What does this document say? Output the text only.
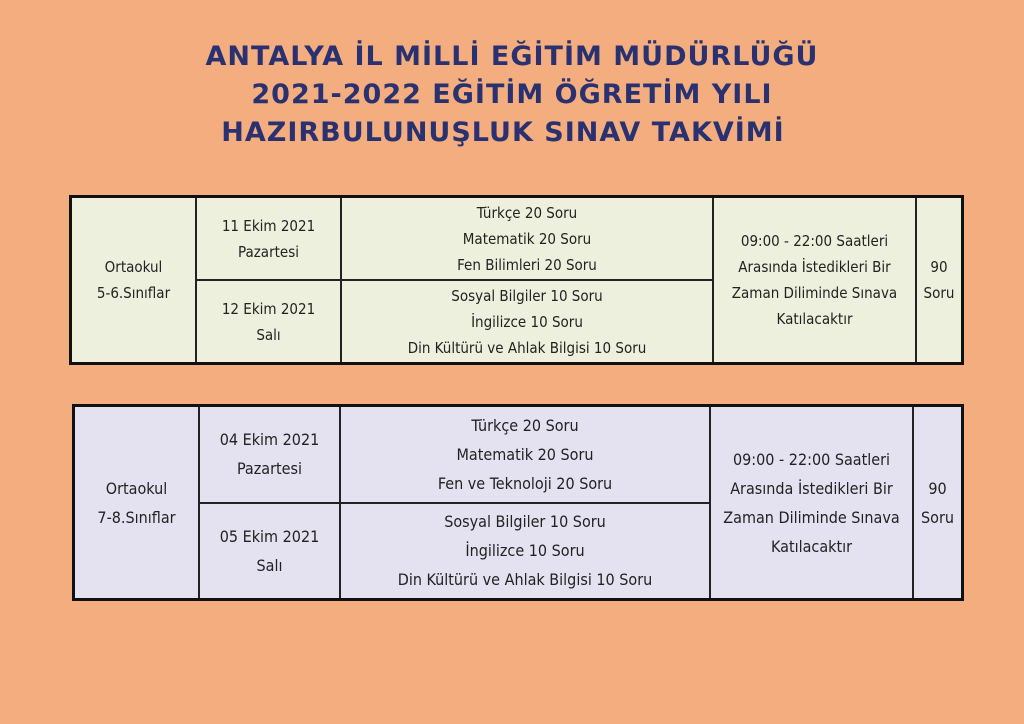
ANTALYA İL MİLLİ EĞİTİM MÜDÜRLÜĞÜ
2021-2022 EĞİTİM ÖĞRETİM YILI
HAZIRBULUNUŞLUK SINAV TAKVİMİ
Ortaokul
5-6.Sınıflar	11 Ekim 2021
Pazartesi	Türkçe 20 Soru
Matematik 20 Soru
Fen Bilimleri 20 Soru	09:00 - 22:00 Saatleri
Arasında İstedikleri Bir
Zaman Diliminde Sınava
Katılacaktır	90
Soru

	12 Ekim 2021
Salı	Sosyal Bilgiler 10 Soru
İngilizce 10 Soru
Din Kültürü ve Ahlak Bilgisi 10 Soru		
Ortaokul
7-8.Sınıflar	04 Ekim 2021
Pazartesi	Türkçe 20 Soru
Matematik 20 Soru
Fen ve Teknoloji 20 Soru	09:00 - 22:00 Saatleri
Arasında İstedikleri Bir
Zaman Diliminde Sınava
Katılacaktır	90
Soru

	05 Ekim 2021
Salı	Sosyal Bilgiler 10 Soru
İngilizce 10 Soru
Din Kültürü ve Ahlak Bilgisi 10 Soru		
